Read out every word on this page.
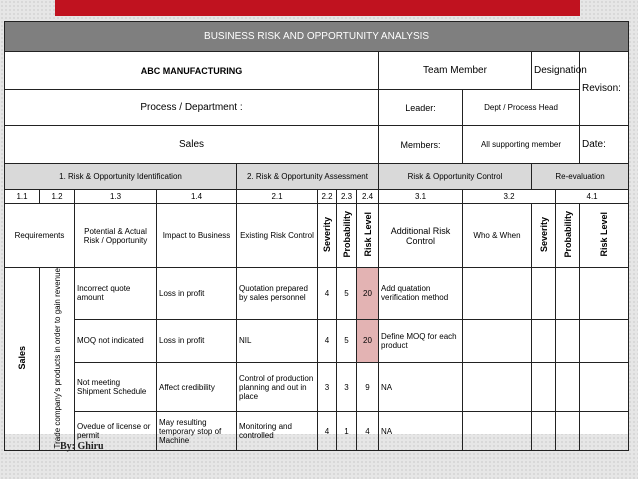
BUSINESS RISK AND OPPORTUNITY ANALYSIS												
ABC MANUFACTURING								Team Member		Designation		Revison:
Process / Department :								Leader:	Dept / Process Head			
Sales								Members:	All supporting member			Date:
1. Risk & Opportunity Identification				2. Risk & Opportunity Assessment				Risk & Opportunity Control		Re-evaluation		
1.1	1.2	1.3	1.4	2.1	2.2	2.3	2.4	3.1	3.2		4.1	
Requirements		Potential & Actual Risk / Opportunity	Impact to Business	Existing Risk Control	Severity	Probability	Risk Level	Additional Risk Control	Who & When	Severity	Probability	Risk Level
Sales	Trade company's products in order to gain revenue	Incorrect quote amount	Loss in profit	Quotation prepared by sales personnel	4	5	20	Add quatation verification method				
		MOQ not indicated	Loss in profit	NIL	4	5	20	Define MOQ for each product				
		Not meeting Shipment Schedule	Affect credibility	Control of production planning and out in place	3	3	9	NA				
		Ovedue of license or permit	May resulting temporary stop of Machine	Monitoring and controlled	4	1	4	NA				
By: Ghiru
